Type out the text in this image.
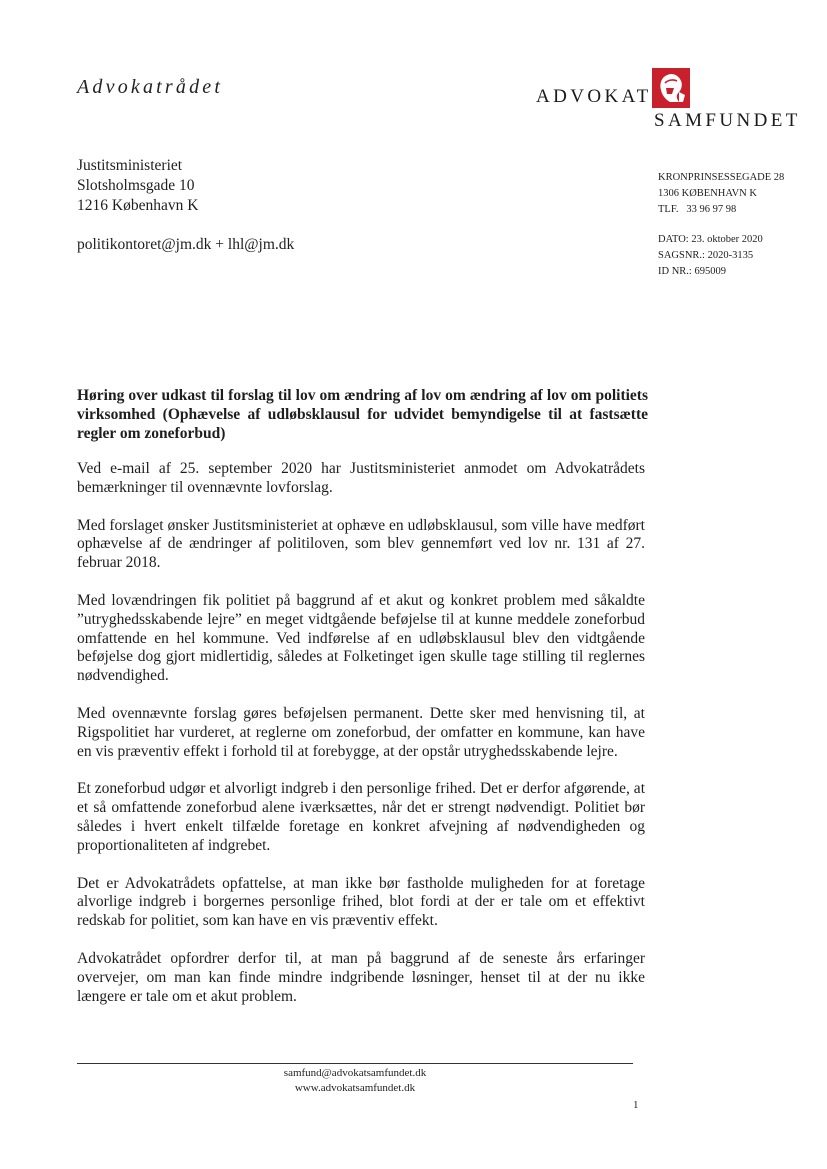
Advokatrådet	ADVOKAT
SAMFUNDET
Justitsministeriet
Slotsholmsgade 10
1216 København K
politikontoret@jm.dk + lhl@jm.dk
KRONPRINSESSEGADE 28
1306 KØBENHAVN K
TLF.   33 96 97 98
DATO: 23. oktober 2020
SAGSNR.: 2020-3135
ID NR.: 695009
Høring over udkast til forslag til lov om ændring af lov om ændring af lov om politiets virksomhed (Ophævelse af udløbsklausul for udvidet bemyndigelse til at fastsætte regler om zoneforbud)

Ved e-mail af 25. september 2020 har Justitsministeriet anmodet om Advokatrådets bemærkninger til ovennævnte lovforslag.

Med forslaget ønsker Justitsministeriet at ophæve en udløbsklausul, som ville have medført ophævelse af de ændringer af politiloven, som blev gennemført ved lov nr. 131 af 27. februar 2018.

Med lovændringen fik politiet på baggrund af et akut og konkret problem med såkaldte ”utryghedsskabende lejre” en meget vidtgående beføjelse til at kunne meddele zoneforbud omfattende en hel kommune. Ved indførelse af en udløbsklausul blev den vidtgående beføjelse dog gjort midlertidig, således at Folketinget igen skulle tage stilling til reglernes nødvendighed.

Med ovennævnte forslag gøres beføjelsen permanent. Dette sker med henvisning til, at Rigspolitiet har vurderet, at reglerne om zoneforbud, der omfatter en kommune, kan have en vis præventiv effekt i forhold til at forebygge, at der opstår utryghedsskabende lejre.

Et zoneforbud udgør et alvorligt indgreb i den personlige frihed. Det er derfor afgørende, at et så omfattende zoneforbud alene iværksættes, når det er strengt nødvendigt. Politiet bør således i hvert enkelt tilfælde foretage en konkret afvejning af nødvendigheden og proportionaliteten af indgrebet.

Det er Advokatrådets opfattelse, at man ikke bør fastholde muligheden for at foretage alvorlige indgreb i borgernes personlige frihed, blot fordi at der er tale om et effektivt redskab for politiet, som kan have en vis præventiv effekt.

Advokatrådet opfordrer derfor til, at man på baggrund af de seneste års erfaringer overvejer, om man kan finde mindre indgribende løsninger, henset til at der nu ikke længere er tale om et akut problem.

samfund@advokatsamfundet.dk
www.advokatsamfundet.dk
1
